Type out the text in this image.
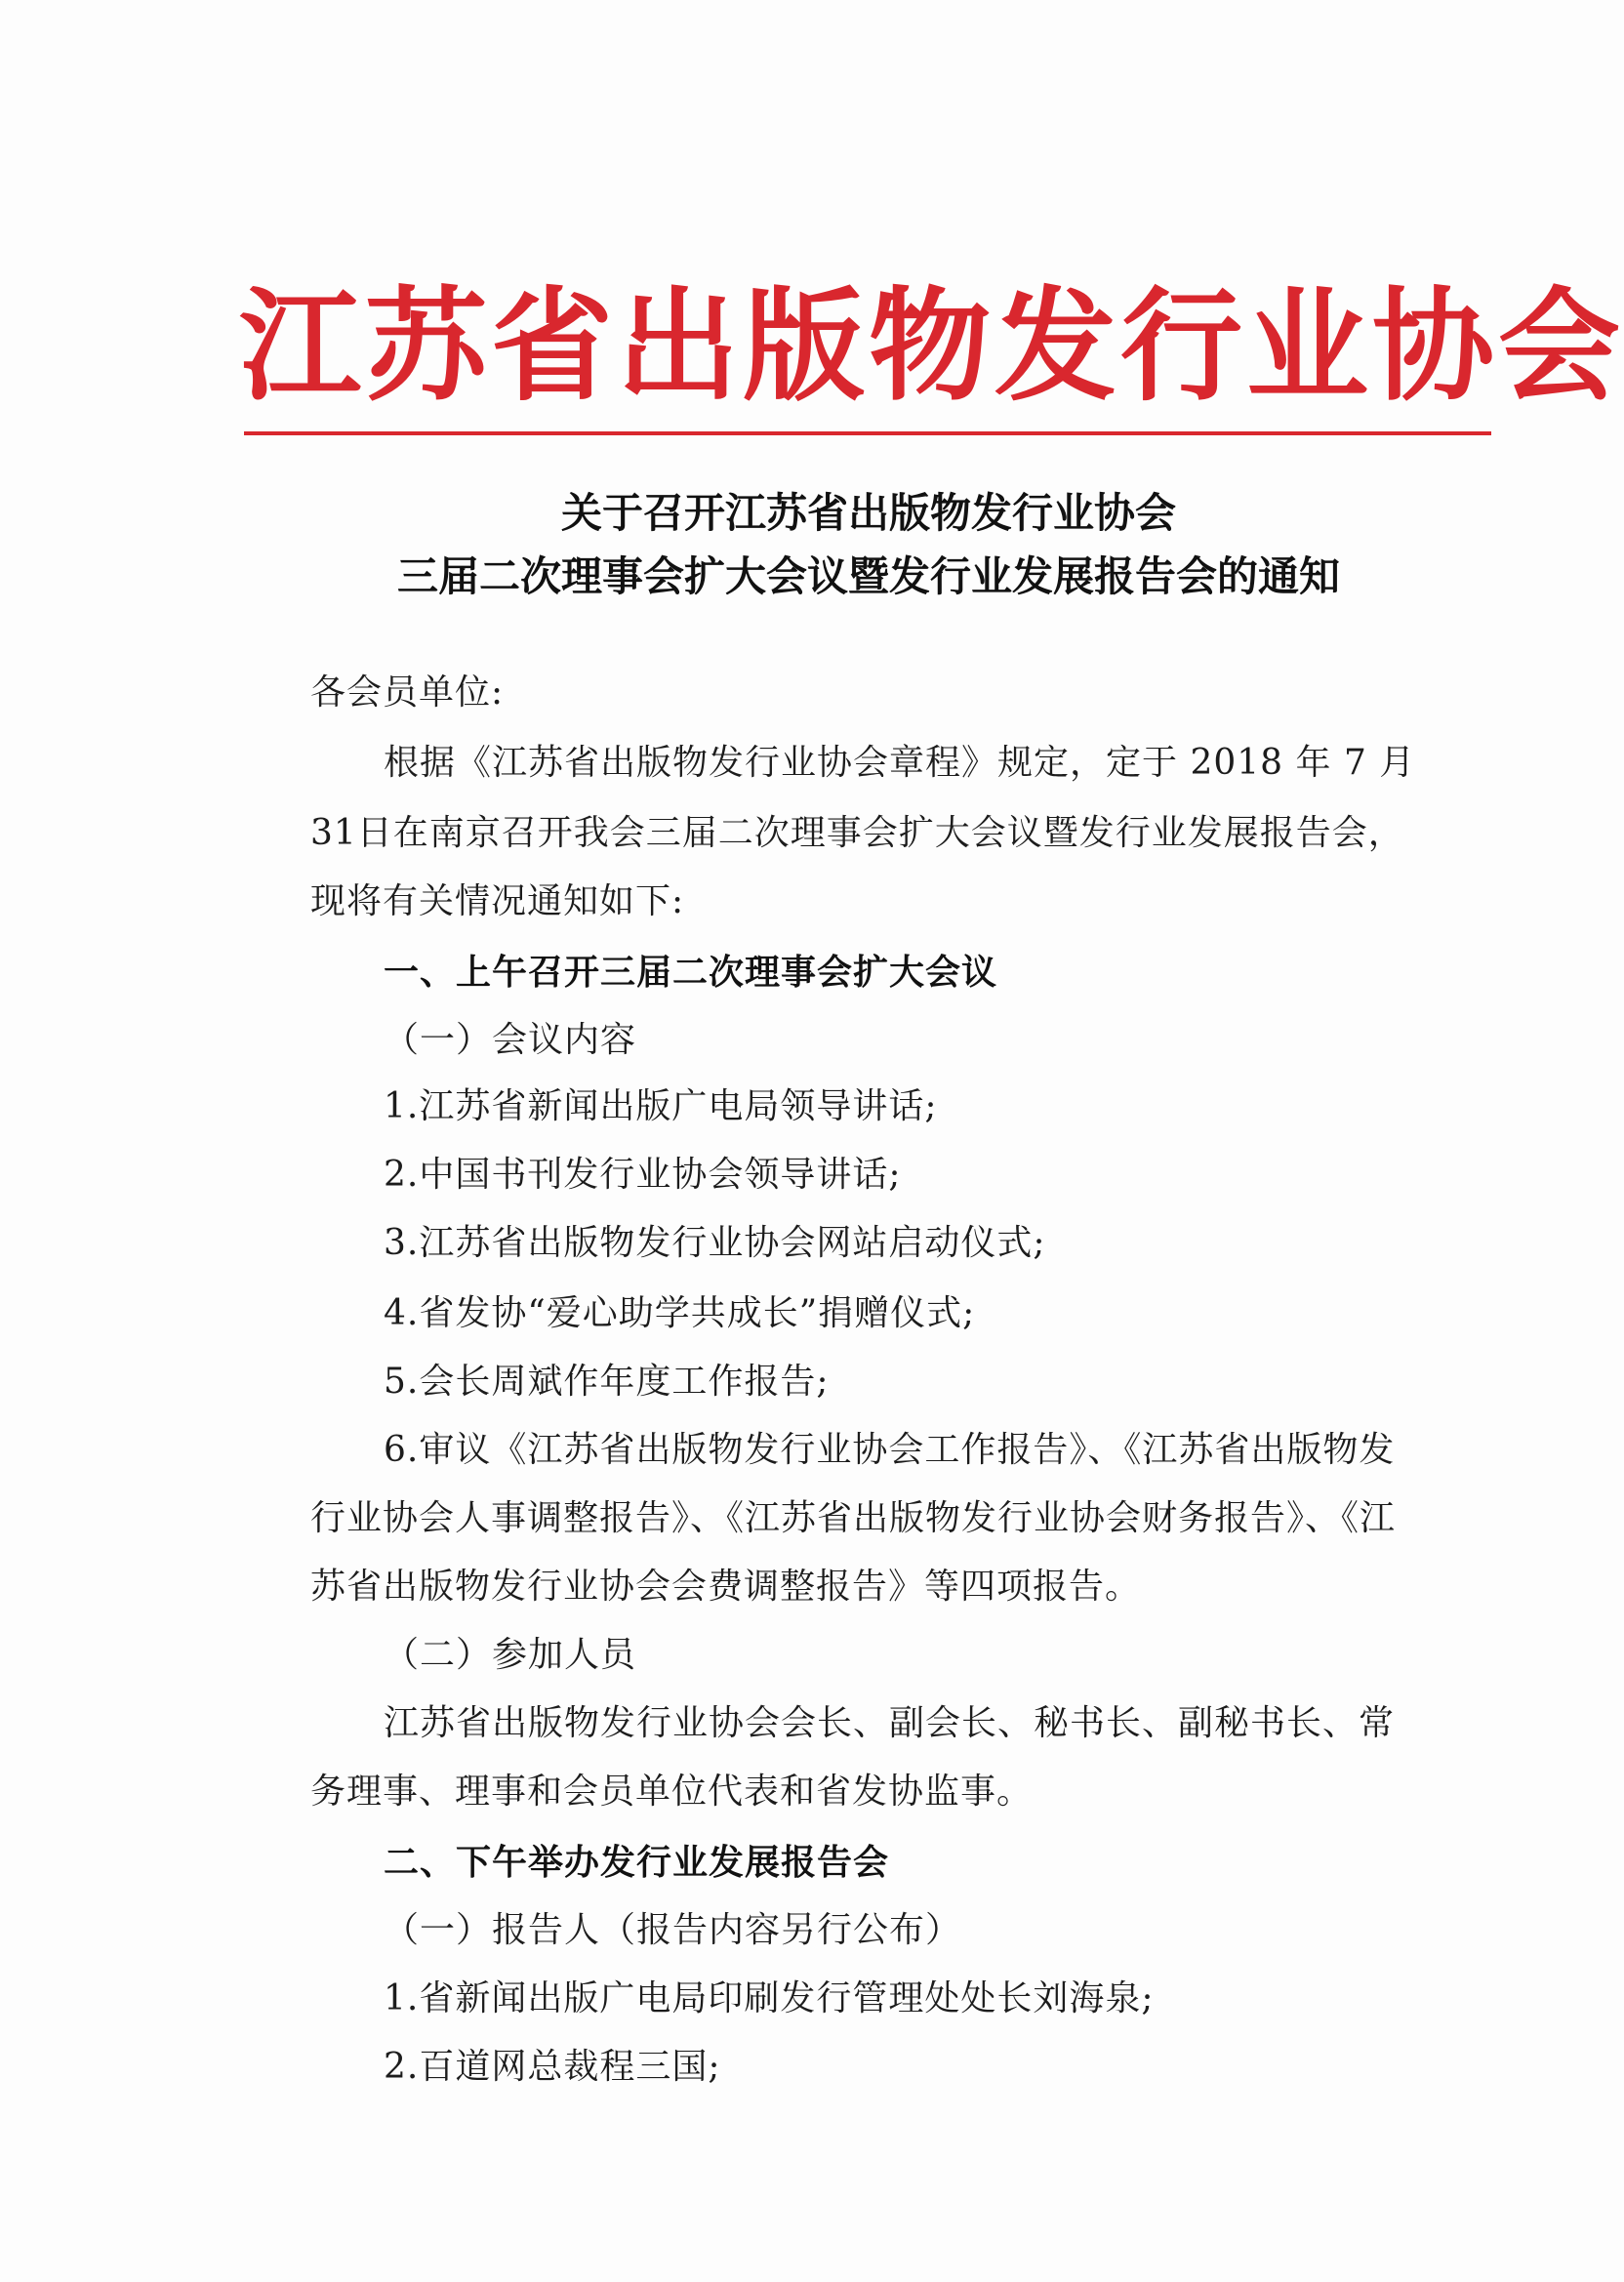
江苏省出版物发行业协会
关于召开江苏省出版物发行业协会
三届二次理事会扩大会议暨发行业发展报告会的通知
各会员单位:
根据《江苏省出版物发行业协会章程》规定，定于 2018 年 7 月
31日在南京召开我会三届二次理事会扩大会议暨发行业发展报告会，
现将有关情况通知如下:
一、上午召开三届二次理事会扩大会议
（一）会议内容
1.江苏省新闻出版广电局领导讲话;
2.中国书刊发行业协会领导讲话;
3.江苏省出版物发行业协会网站启动仪式;
4.省发协“爱心助学共成长”捐赠仪式;
5.会长周斌作年度工作报告;
6.审议《江苏省出版物发行业协会工作报告》、《江苏省出版物发
行业协会人事调整报告》、《江苏省出版物发行业协会财务报告》、《江
苏省出版物发行业协会会费调整报告》等四项报告。
（二）参加人员
江苏省出版物发行业协会会长、副会长、秘书长、副秘书长、常
务理事、理事和会员单位代表和省发协监事。
二、下午举办发行业发展报告会
（一）报告人（报告内容另行公布）
1.省新闻出版广电局印刷发行管理处处长刘海泉;
2.百道网总裁程三国;
